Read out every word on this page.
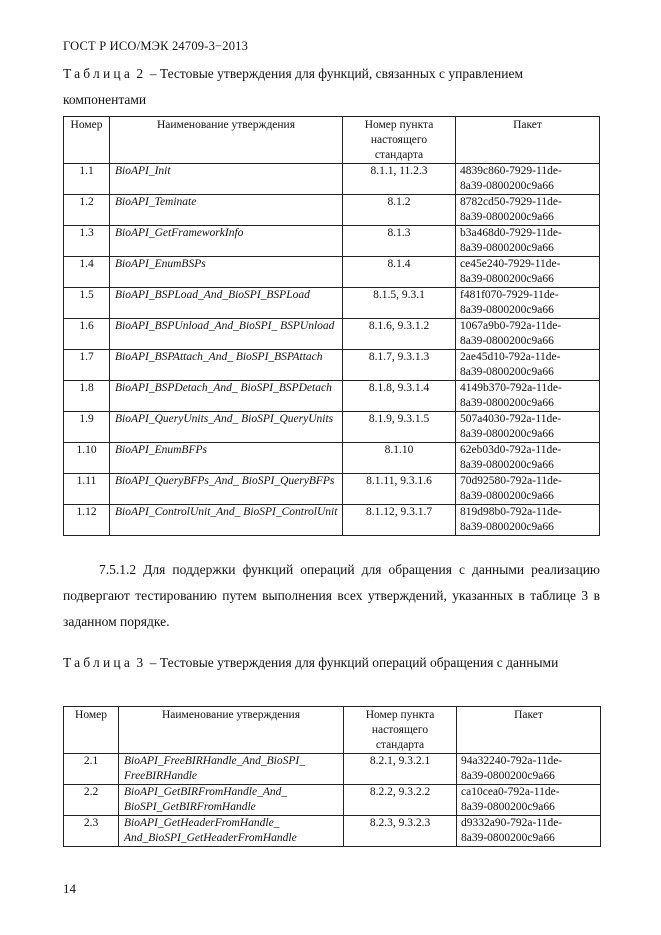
ГОСТ Р ИСО/МЭК 24709-3−2013
Таблица 2 – Тестовые утверждения для функций, связанных с управлением компонентами
Номер	Наименование утверждения	Номер пункта настоящего стандарта	Пакет
1.1	BioAPI_Init	8.1.1, 11.2.3	4839c860-7929-11de-
8a39-0800200c9a66

1.2	BioAPI_Teminate	8.1.2	8782cd50-7929-11de-
8a39-0800200c9a66

1.3	BioAPI_GetFrameworkInfo	8.1.3	b3a468d0-7929-11de-
8a39-0800200c9a66

1.4	BioAPI_EnumBSPs	8.1.4	ce45e240-7929-11de-
8a39-0800200c9a66

1.5	BioAPI_BSPLoad_And_BioSPI_BSPLoad	8.1.5, 9.3.1	f481f070-7929-11de-
8a39-0800200c9a66

1.6	BioAPI_BSPUnload_And_BioSPI_ BSPUnload	8.1.6, 9.3.1.2	1067a9b0-792a-11de-
8a39-0800200c9a66

1.7	BioAPI_BSPAttach_And_ BioSPI_BSPAttach	8.1.7, 9.3.1.3	2ae45d10-792a-11de-
8a39-0800200c9a66

1.8	BioAPI_BSPDetach_And_ BioSPI_BSPDetach	8.1.8, 9.3.1.4	4149b370-792a-11de-
8a39-0800200c9a66

1.9	BioAPI_QueryUnits_And_ BioSPI_QueryUnits	8.1.9, 9.3.1.5	507a4030-792a-11de-
8a39-0800200c9a66

1.10	BioAPI_EnumBFPs	8.1.10	62eb03d0-792a-11de-
8a39-0800200c9a66

1.11	BioAPI_QueryBFPs_And_ BioSPI_QueryBFPs	8.1.11, 9.3.1.6	70d92580-792a-11de-
8a39-0800200c9a66

1.12	BioAPI_ControlUnit_And_ BioSPI_ControlUnit	8.1.12, 9.3.1.7	819d98b0-792a-11de-
8a39-0800200c9a66
7.5.1.2 Для поддержки функций операций для обращения с данными реализацию подвергают тестированию путем выполнения всех утверждений, указанных в таблице 3 в заданном порядке.
Таблица 3 – Тестовые утверждения для функций операций обращения с данными
Номер	Наименование утверждения	Номер пункта настоящего стандарта	Пакет
2.1	BioAPI_FreeBIRHandle_And_BioSPI_ FreeBIRHandle	8.2.1, 9.3.2.1	94a32240-792a-11de-
8a39-0800200c9a66

2.2	BioAPI_GetBIRFromHandle_And_ BioSPI_GetBIRFromHandle	8.2.2, 9.3.2.2	ca10cea0-792a-11de-
8a39-0800200c9a66

2.3	BioAPI_GetHeaderFromHandle_ And_BioSPI_GetHeaderFromHandle	8.2.3, 9.3.2.3	d9332a90-792a-11de-
8a39-0800200c9a66
14
